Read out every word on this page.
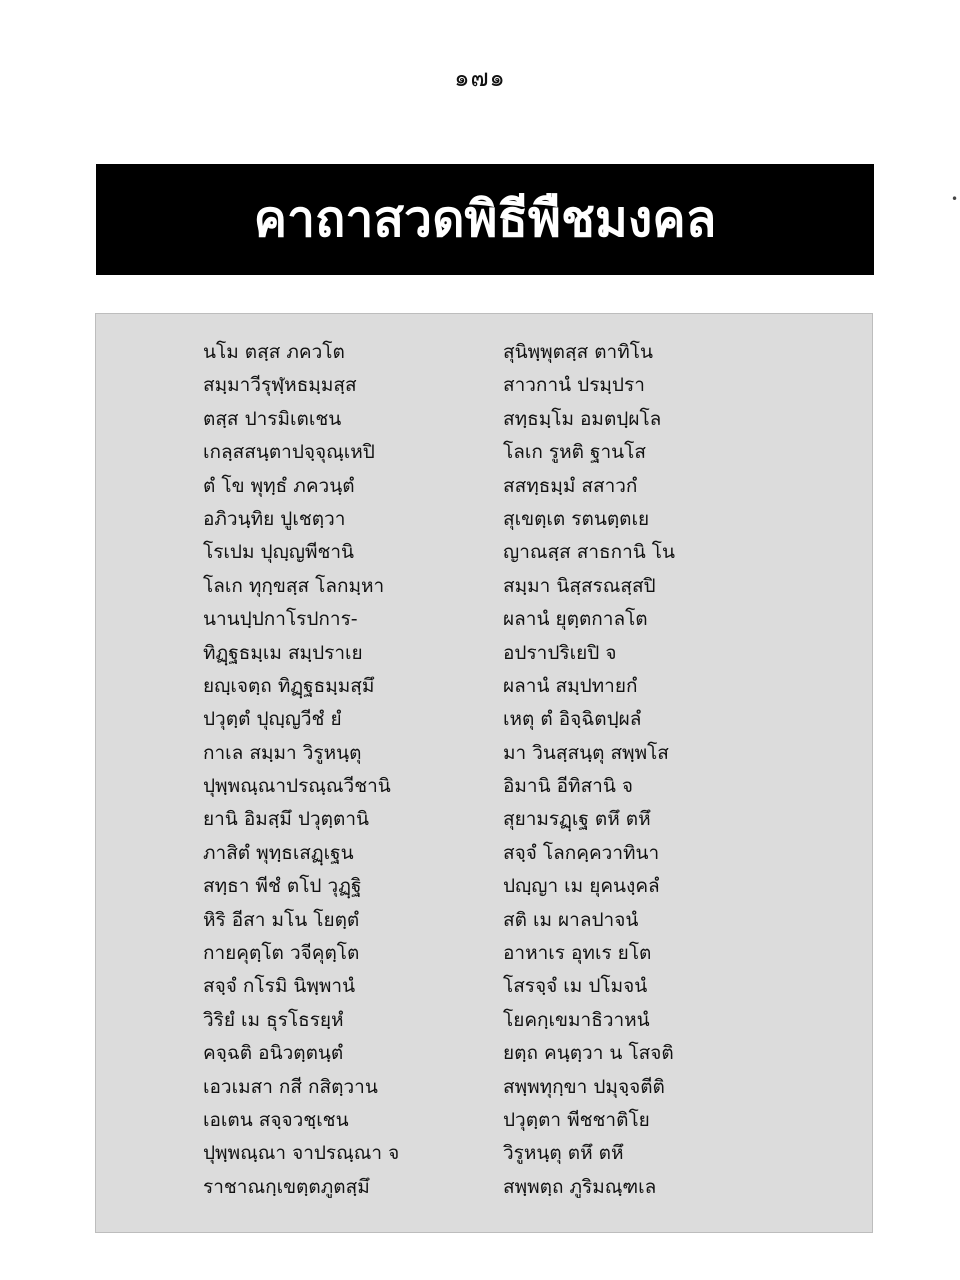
๑๗๑
คาถาสวดพิธีพืชมงคล
นโม ตสฺส ภควโต
สมฺมาวีรุฬฺหธมฺมสฺส
ตสฺส ปารมิเตเชน
เกลฺสสนฺตาปจฺจุณฺเหปิ
ตํ โข พุทฺธํ ภควนฺตํ
อภิวนฺทิย ปูเชตฺวา
โรเปม ปุญฺญพีชานิ
โลเก ทุกฺขสฺส โลกมฺหา
นานปฺปกาโรปการ-
ทิฏฺฐธมฺเม สมฺปราเย
ยญฺเจตฺถ ทิฏฺฐธมฺมสฺมึ
ปวุตฺตํ ปุญฺญวีชํ ยํ
กาเล สมฺมา วิรูหนฺตุ
ปุพฺพณฺณาปรณฺณวีชานิ
ยานิ อิมสฺมึ ปวุตฺตานิ
ภาสิตํ พุทฺธเสฏฺเฐน
สทฺธา พีชํ ตโป วุฏฺฐิ
หิริ อีสา มโน โยตฺตํ
กายคุตฺโต วจีคุตฺโต
สจฺจํ กโรมิ นิพฺพานํ
วิริยํ เม ธุรโธรยฺหํ
คจฺฉติ อนิวตฺตนฺตํ
เอวเมสา กสี กสิตฺวาน
เอเตน สจฺจวชฺเชน
ปุพฺพณฺณา จาปรณฺณา จ
ราชาณกฺเขตฺตภูตสฺมึ
สุนิพฺพุตสฺส ตาทิโน
สาวกานํ ปรมฺปรา
สทฺธมฺโม อมตปฺผโล
โลเก รูหติ ฐานโส
สสทฺธมฺมํ สสาวกํ
สุเขตฺเต รตนตฺตเย
ญาณสฺส สาธกานิ โน
สมฺมา นิสฺสรณสฺสปิ
ผลานํ ยุตฺตกาลโต
อปราปริเยปิ จ
ผลานํ สมฺปทายกํ
เหตุ ตํ อิจฺฉิตปฺผลํ
มา วินสฺสนฺตุ สพฺพโส
อิมานิ อีทิสานิ จ
สุยามรฏฺเฐ ตหึ ตหึ
สจฺจํ โลกคฺควาทินา
ปญฺญา เม ยุคนงฺคลํ
สติ เม ผาลปาจนํ
อาหาเร อุทเร ยโต
โสรจฺจํ เม ปโมจนํ
โยคกฺเขมาธิวาหนํ
ยตฺถ คนฺตฺวา น โสจติ
สพฺพทุกฺขา ปมุจฺจตีติ
ปวุตฺตา พีชชาติโย
วิรูหนฺตุ ตหึ ตหึ
สพฺพตฺถ ภูริมณฺฑเล
•
